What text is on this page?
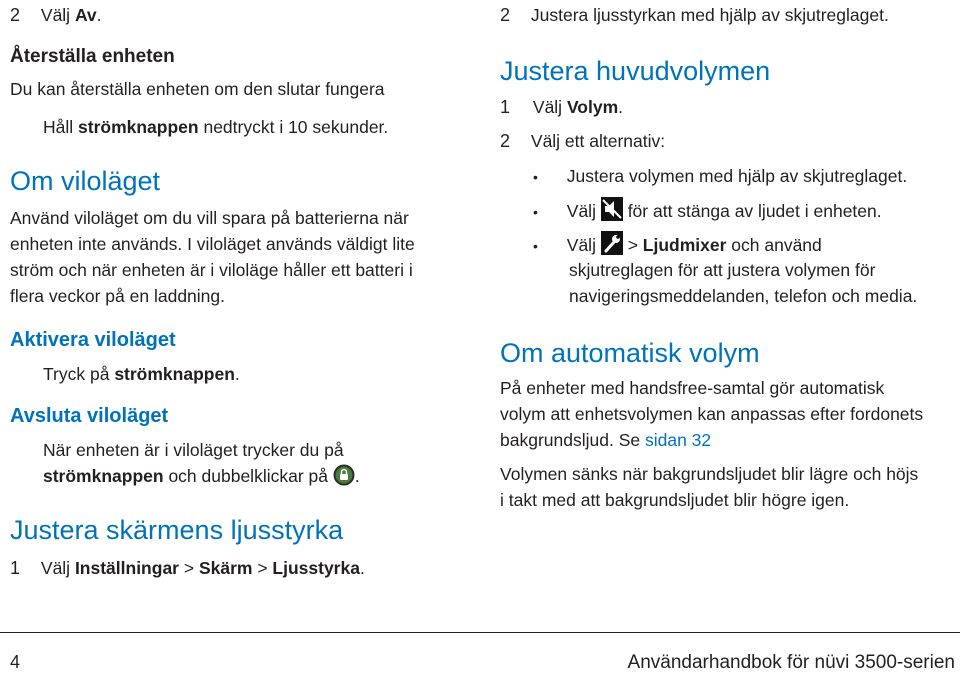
2 Välj Av.
Återställa enheten
Du kan återställa enheten om den slutar fungera
Håll strömknappen nedtryckt i 10 sekunder.
Om viloläget
Använd viloläget om du vill spara på batterierna när
enheten inte används. I viloläget används väldigt lite
ström och när enheten är i viloläge håller ett batteri i
flera veckor på en laddning.
Aktivera viloläget
Tryck på strömknappen.
Avsluta viloläget
När enheten är i viloläget trycker du på
strömknappen och dubbelklickar på .
Justera skärmens ljusstyrka
1 Välj Inställningar > Skärm > Ljusstyrka.
2 Justera ljusstyrkan med hjälp av skjutreglaget.
Justera huvudvolymen
1 Välj Volym.
2 Välj ett alternativ:
• Justera volymen med hjälp av skjutreglaget.
• Välj  för att stänga av ljudet i enheten.
• Välj  > Ljudmixer och använd
skjutreglagen för att justera volymen för
navigeringsmeddelanden, telefon och media.
Om automatisk volym
På enheter med handsfree-samtal gör automatisk
volym att enhetsvolymen kan anpassas efter fordonets
bakgrundsljud. Se sidan 32
Volymen sänks när bakgrundsljudet blir lägre och höjs
i takt med att bakgrundsljudet blir högre igen.
4	Användarhandbok för nüvi 3500-serien
